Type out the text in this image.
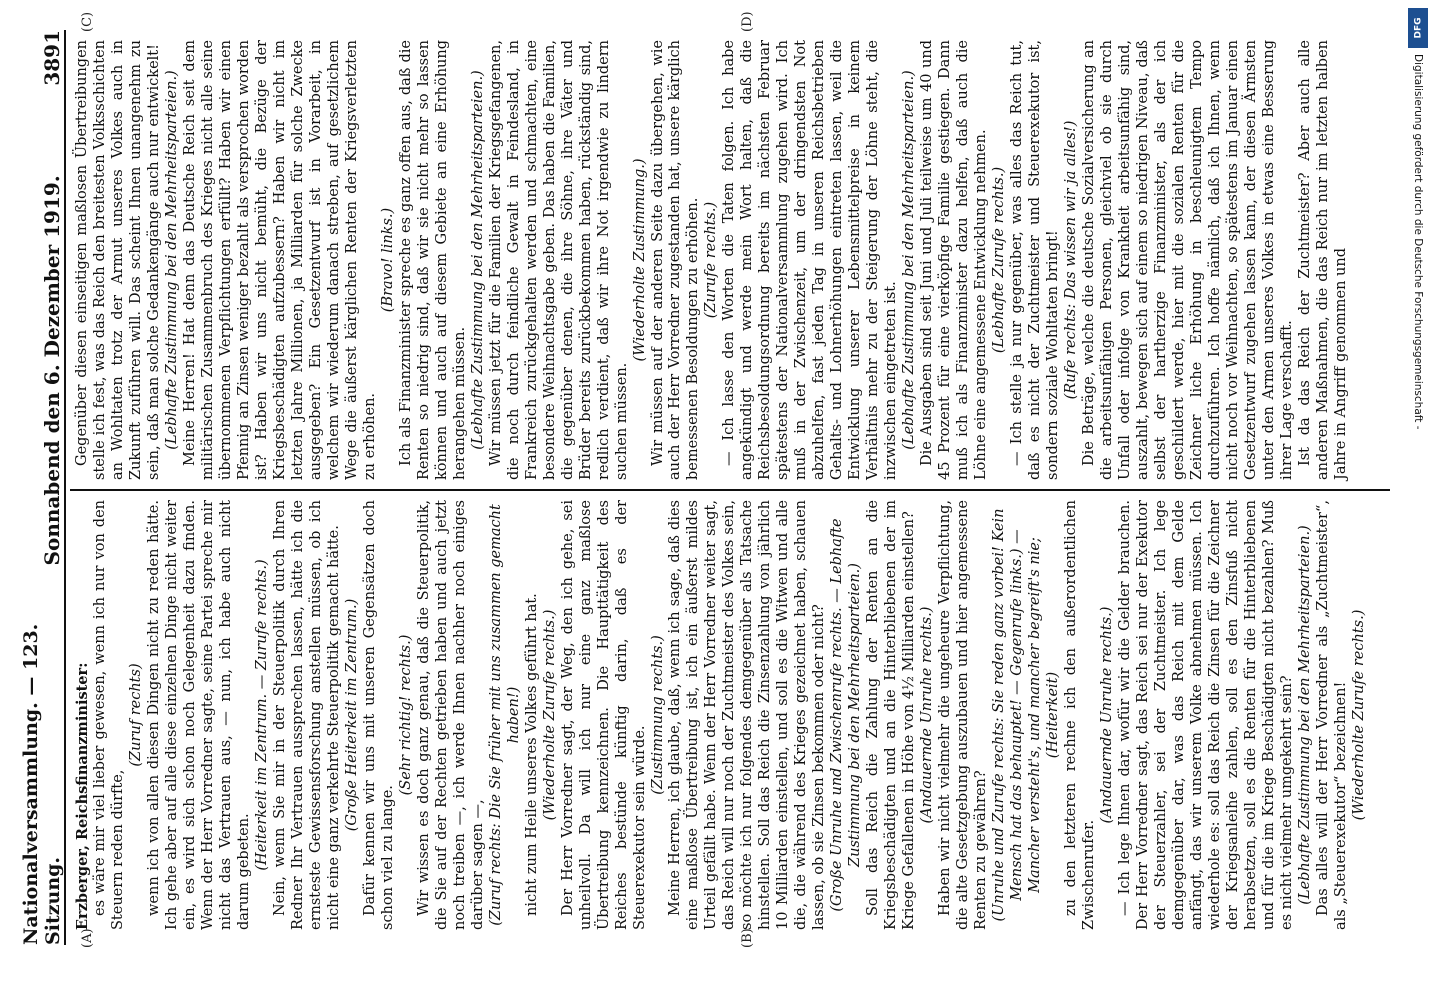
Nationalversammlung. — 123. Sitzung.
Sonnabend den 6. Dezember 1919.
3891
(A)	(B)
(C)	(D)

Erzberger, Reichsfinanzminister: es wäre mir viel lieber gewesen, wenn ich nur von den Steuern reden dürfte,

(Zuruf rechts) wenn ich von allen diesen Dingen nicht zu reden hätte. Ich gehe aber auf alle diese einzelnen Dinge nicht weiter ein, es wird sich schon noch Gelegenheit dazu finden. Wenn der Herr Vorredner sagte, seine Partei spreche mir nicht das Vertrauen aus, — nun, ich habe auch nicht darum gebeten.

(Heiterkeit im Zentrum. — Zurufe rechts.) Nein, wenn Sie mir in der Steuerpolitik durch Ihren Redner Ihr Vertrauen aussprechen lassen, hätte ich die ernsteste Gewissensforschung anstellen müssen, ob ich nicht eine ganz verkehrte Steuerpolitik gemacht hätte. (Große Heiterkeit im Zentrum.) Dafür kennen wir uns mit unseren Gegensätzen doch schon viel zu lange.

(Sehr richtig! rechts.) Wir wissen es doch ganz genau, daß die Steuerpolitik, die Sie auf der Rechten getrieben haben und auch jetzt noch treiben —, ich werde Ihnen nachher noch einiges darüber sagen —, (Zuruf rechts: Die Sie früher mit uns zusammen gemacht haben!) nicht zum Heile unseres Volkes geführt hat. (Wiederholte Zurufe rechts.) Der Herr Vorredner sagt, der Weg, den ich gehe, sei unheilvoll. Da will ich nur eine ganz maßlose Übertreibung kennzeichnen. Die Haupttätigkeit des Reiches bestünde künftig darin, daß es der Steuerexekutor sein würde.

(Zustimmung rechts.) Meine Herren, ich glaube, daß, wenn ich sage, daß dies eine maßlose Übertreibung ist, ich ein äußerst mildes Urteil gefällt habe. Wenn der Herr Vorredner weiter sagt, das Reich will nur noch der Zuchtmeister des Volkes sein, so möchte ich nur folgendes demgegenüber als Tatsache hinstellen. Soll das Reich die Zinsenzahlung von jährlich 10 Milliarden einstellen, und soll es die Witwen und alle die, die während des Krieges gezeichnet haben, schauen lassen, ob sie Zinsen bekommen oder nicht? (Große Unruhe und Zwischenrufe rechts. — Lebhafte Zustimmung bei den Mehrheitsparteien.) Soll das Reich die Zahlung der Renten an die Kriegsbeschädigten und an die Hinterbliebenen der im Kriege Gefallenen in Höhe von 4½ Milliarden einstellen? (Andauernde Unruhe rechts.) Haben wir nicht vielmehr die ungeheure Verpflichtung, die alte Gesetzgebung auszubauen und hier angemessene Renten zu gewähren? (Unruhe und Zurufe rechts: Sie reden ganz vorbei! Kein Mensch hat das behauptet! — Gegenrufe links.) — Mancher versteht's, und mancher begreift's nie; (Heiterkeit) zu den letzteren rechne ich den außerordentlichen Zwischenrufer.

(Andauernde Unruhe rechts.) — Ich lege Ihnen dar, wofür wir die Gelder brauchen. Der Herr Vorredner sagt, das Reich sei nur der Exekutor der Steuerzahler, sei der Zuchtmeister. Ich lege demgegenüber dar, was das Reich mit dem Gelde anfängt, das wir unserem Volke abnehmen müssen. Ich wiederhole es: soll das Reich die Zinsen für die Zeichner der Kriegsanleihe zahlen, soll es den Zinsfuß nicht herabsetzen, soll es die Renten für die Hinterbliebenen und für die im Kriege Beschädigten nicht bezahlen? Muß es nicht vielmehr umgekehrt sein? (Lebhafte Zustimmung bei den Mehrheitsparteien.) Das alles will der Herr Vorredner als „Zuchtmeister“, als „Steuerexekutor“ bezeichnen! (Wiederholte Zurufe rechts.)

Gegenüber diesen einseitigen maßlosen Übertreibungen stelle ich fest, was das Reich den breitesten Volksschichten an Wohltaten trotz der Armut unseres Volkes auch in Zukunft zuführen will. Das scheint Ihnen unangenehm zu sein, daß man solche Gedankengänge auch nur entwickelt! (Lebhafte Zustimmung bei den Mehrheitsparteien.) Meine Herren! Hat denn das Deutsche Reich seit dem militärischen Zusammenbruch des Krieges nicht alle seine übernommenen Verpflichtungen erfüllt? Haben wir einen Pfennig an Zinsen weniger bezahlt als versprochen worden ist? Haben wir uns nicht bemüht, die Bezüge der Kriegsbeschädigten aufzubessern? Haben wir nicht im letzten Jahre Millionen, ja Milliarden für solche Zwecke ausgegeben? Ein Gesetzentwurf ist in Vorarbeit, in welchem wir wiederum danach streben, auf gesetzlichem Wege die äußerst kärglichen Renten der Kriegsverletzten zu erhöhen.

(Bravo! links.) Ich als Finanzminister spreche es ganz offen aus, daß die Renten so niedrig sind, daß wir sie nicht mehr so lassen können und auch auf diesem Gebiete an eine Erhöhung herangehen müssen. (Lebhafte Zustimmung bei den Mehrheitsparteien.) Wir müssen jetzt für die Familien der Kriegsgefangenen, die noch durch feindliche Gewalt in Feindesland, in Frankreich zurückgehalten werden und schmachten, eine besondere Weihnachtsgabe geben. Das haben die Familien, die gegenüber denen, die ihre Söhne, ihre Väter und Brüder bereits zurückbekommen haben, rückständig sind, redlich verdient, daß wir ihre Not irgendwie zu lindern suchen müssen.

(Wiederholte Zustimmung.) Wir müssen auf der anderen Seite dazu übergehen, wie auch der Herr Vorredner zugestanden hat, unsere kärglich bemessenen Besoldungen zu erhöhen. (Zurufe rechts.) — Ich lasse den Worten die Taten folgen. Ich habe angekündigt und werde mein Wort halten, daß die Reichsbesoldungsordnung bereits im nächsten Februar spätestens der Nationalversammlung zugehen wird. Ich muß in der Zwischenzeit, um der dringendsten Not abzuhelfen, fast jeden Tag in unseren Reichsbetrieben Gehalts- und Lohnerhöhungen eintreten lassen, weil die Entwicklung unserer Lebensmittelpreise in keinem Verhältnis mehr zu der Steigerung der Löhne steht, die inzwischen eingetreten ist. (Lebhafte Zustimmung bei den Mehrheitsparteien.) Die Ausgaben sind seit Juni und Juli teilweise um 40 und 45 Prozent für eine vierköpfige Familie gestiegen. Dann muß ich als Finanzminister dazu helfen, daß auch die Löhne eine angemessene Entwicklung nehmen. (Lebhafte Zurufe rechts.) — Ich stelle ja nur gegenüber, was alles das Reich tut, daß es nicht der Zuchtmeister und Steuerexekutor ist, sondern soziale Wohltaten bringt! (Rufe rechts: Das wissen wir ja alles!) Die Beträge, welche die deutsche Sozialversicherung an die arbeitsunfähigen Personen, gleichviel ob sie durch Unfall oder infolge von Krankheit arbeitsunfähig sind, auszahlt, bewegen sich auf einem so niedrigen Niveau, daß selbst der hartherzige Finanzminister, als der ich geschildert werde, hier mit die sozialen Renten für die Zeichner liche Erhöhung in beschleunigtem Tempo durchzuführen. Ich hoffe nämlich, daß ich Ihnen, wenn nicht noch vor Weihnachten, so spätestens im Januar einen Gesetzentwurf zugehen lassen kann, der diesen Ärmsten unter den Armen unseres Volkes in etwas eine Besserung ihrer Lage verschafft. Ist da das Reich der Zuchtmeister? Aber auch alle anderen Maßnahmen, die das Reich nur im letzten halben Jahre in Angriff genommen und

DFG
Digitalisierung gefördert durch die Deutsche Forschungsgemeinschaft -
